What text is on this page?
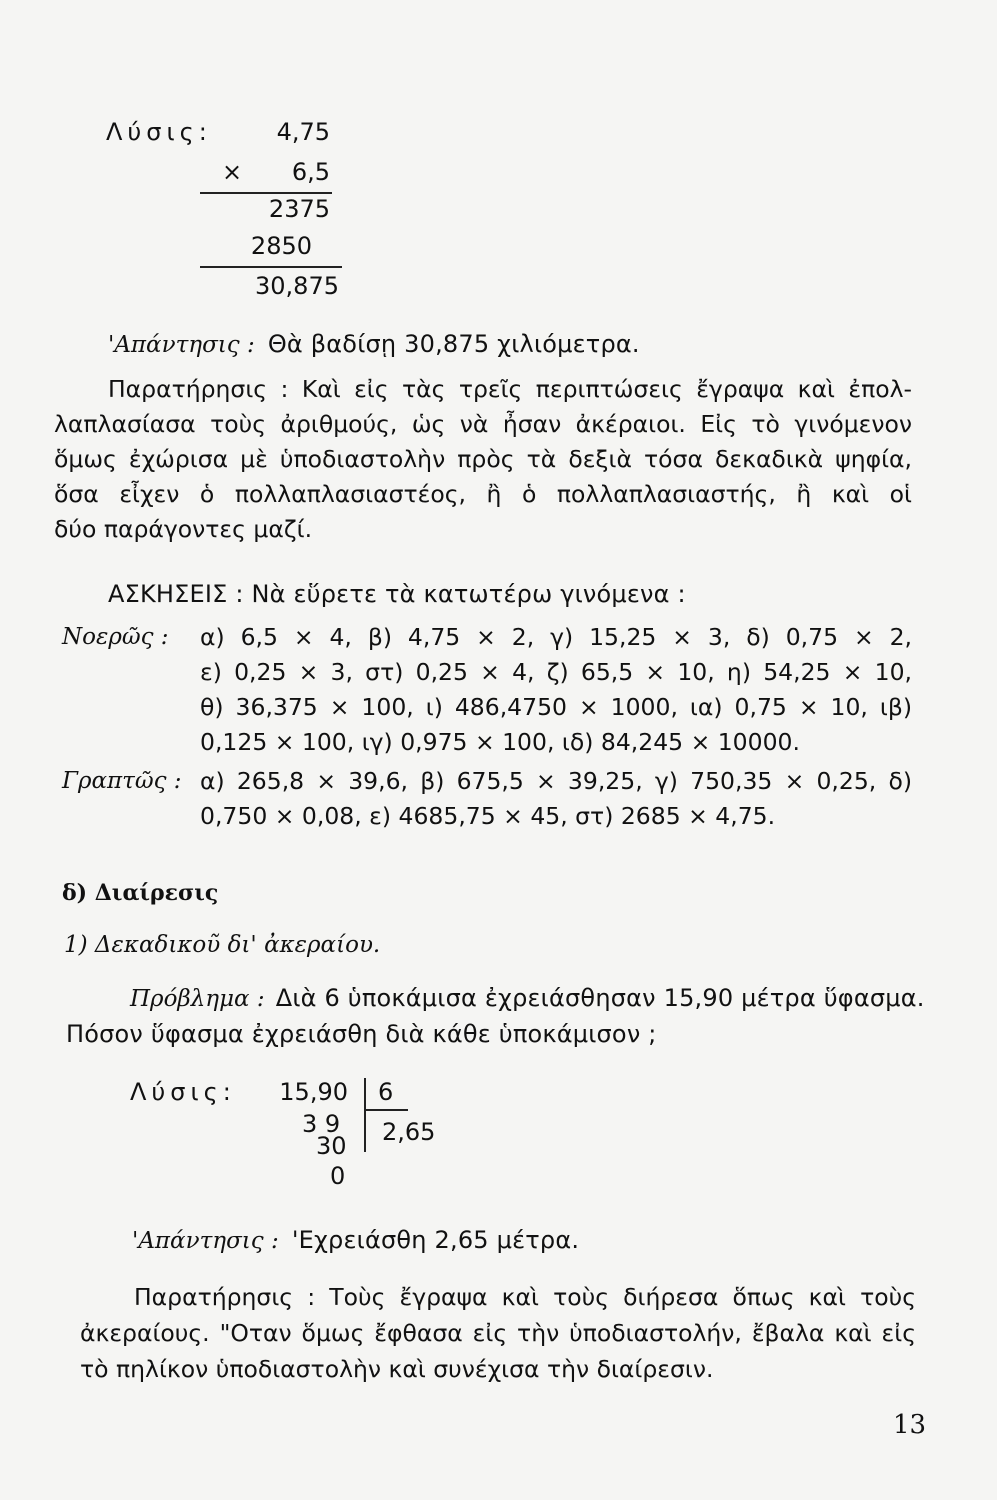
Λύσις:	4,75
×	6,5
2375
2850
30,875
'Απάντησις : Θὰ βαδίσῃ 30,875 χιλιόμετρα.
Παρατήρησις : Καὶ εἰς τὰς τρεῖς περιπτώσεις ἔγραψα καὶ ἐπολ-
λαπλασίασα τοὺς ἀριθμούς, ὡς νὰ ἦσαν ἀκέραιοι. Εἰς τὸ γινόμενον
ὅμως ἐχώρισα μὲ ὑποδιαστολὴν πρὸς τὰ δεξιὰ τόσα δεκαδικὰ ψηφία,
ὅσα εἶχεν ὁ πολλαπλασιαστέος, ἢ ὁ πολλαπλασιαστής, ἢ καὶ οἱ
δύο παράγοντες μαζί.
ΑΣΚΗΣΕΙΣ : Νὰ εὕρετε τὰ κατωτέρω γινόμενα :
Νοερῶς : α) 6,5 × 4, β) 4,75 × 2, γ) 15,25 × 3, δ) 0,75 × 2,
ε) 0,25 × 3, στ) 0,25 × 4, ζ) 65,5 × 10, η) 54,25 × 10,
θ) 36,375 × 100, ι) 486,4750 × 1000, ια) 0,75 × 10, ιβ)
0,125 × 100, ιγ) 0,975 × 100, ιδ) 84,245 × 10000.
Γραπτῶς : α) 265,8 × 39,6, β) 675,5 × 39,25, γ) 750,35 × 0,25, δ)
0,750 × 0,08, ε) 4685,75 × 45, στ) 2685 × 4,75.
δ) Διαίρεσις
1) Δεκαδικοῦ δι' ἀκεραίου.
Πρόβλημα : Διὰ 6 ὑποκάμισα ἐχρειάσθησαν 15,90 μέτρα ὕφασμα.
Πόσον ὕφασμα ἐχρειάσθη διὰ κάθε ὑποκάμισον ;
Λύσις:	15,90 6
3 9 2,65
30
0
'Απάντησις : 'Εχρειάσθη 2,65 μέτρα.
Παρατήρησις : Τοὺς ἔγραψα καὶ τοὺς διήρεσα ὅπως καὶ τοὺς
ἀκεραίους. "Οταν ὅμως ἔφθασα εἰς τὴν ὑποδιαστολήν, ἔβαλα καὶ εἰς
τὸ πηλίκον ὑποδιαστολὴν καὶ συνέχισα τὴν διαίρεσιν.
13
